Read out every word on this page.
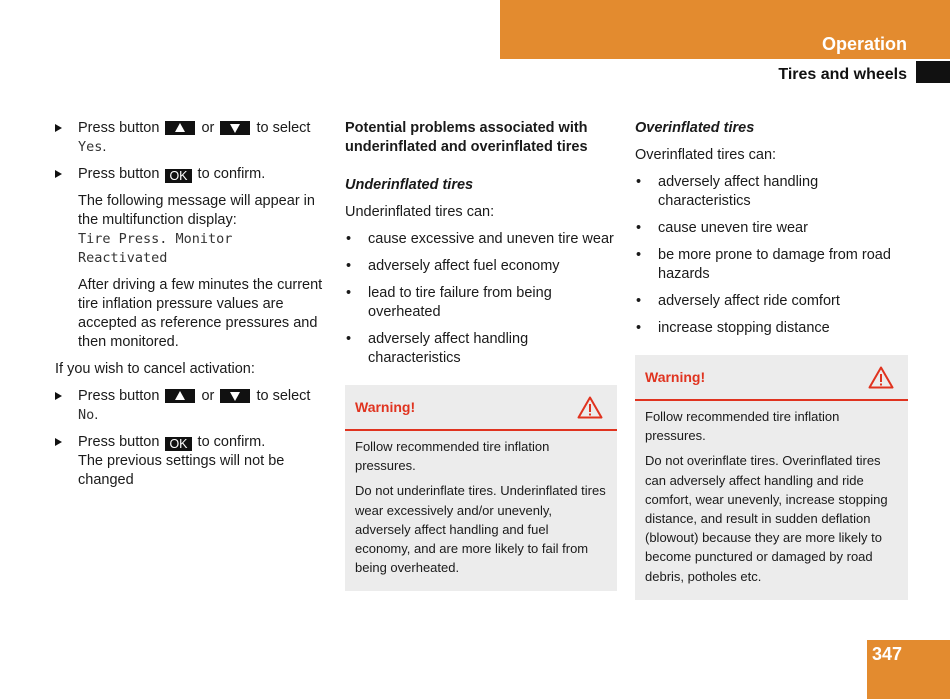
Operation
Tires and wheels
Press button	or	to select
Yes.
Press button OK to confirm.
The following message will appear in the multifunction display:
Tire Press. Monitor
Reactivated
After driving a few minutes the current tire inflation pressure values are accepted as reference pressures and then monitored.
If you wish to cancel activation:
Press button	or	to select
No.
Press button OK to confirm.
The previous settings will not be changed
Potential problems associated with underinflated and overinflated tires
Underinflated tires
Underinflated tires can:
• cause excessive and uneven tire wear
• adversely affect fuel economy
• lead to tire failure from being overheated
• adversely affect handling characteristics
Warning!

Follow recommended tire inflation pressures.

Do not underinflate tires. Underinflated tires wear excessively and/or unevenly, adversely affect handling and fuel economy, and are more likely to fail from being overheated.

Overinflated tires
Overinflated tires can:
• adversely affect handling characteristics
• cause uneven tire wear
• be more prone to damage from road hazards
• adversely affect ride comfort
• increase stopping distance
Warning!

Follow recommended tire inflation pressures.

Do not overinflate tires. Overinflated tires can adversely affect handling and ride comfort, wear unevenly, increase stopping distance, and result in sudden deflation (blowout) because they are more likely to become punctured or damaged by road debris, potholes etc.

347
